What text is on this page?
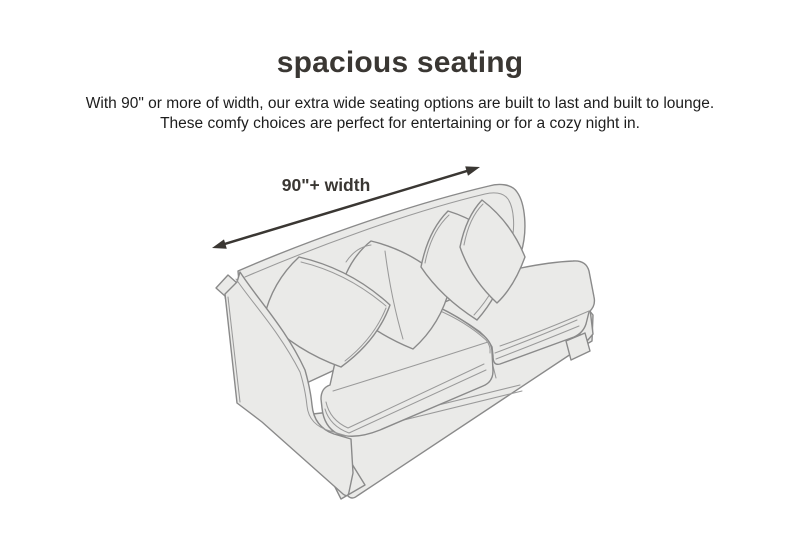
spacious seating

With 90" or more of width, our extra wide seating options are built to last and built to lounge.
These comfy choices are perfect for entertaining or for a cozy night in.

90"+ width
